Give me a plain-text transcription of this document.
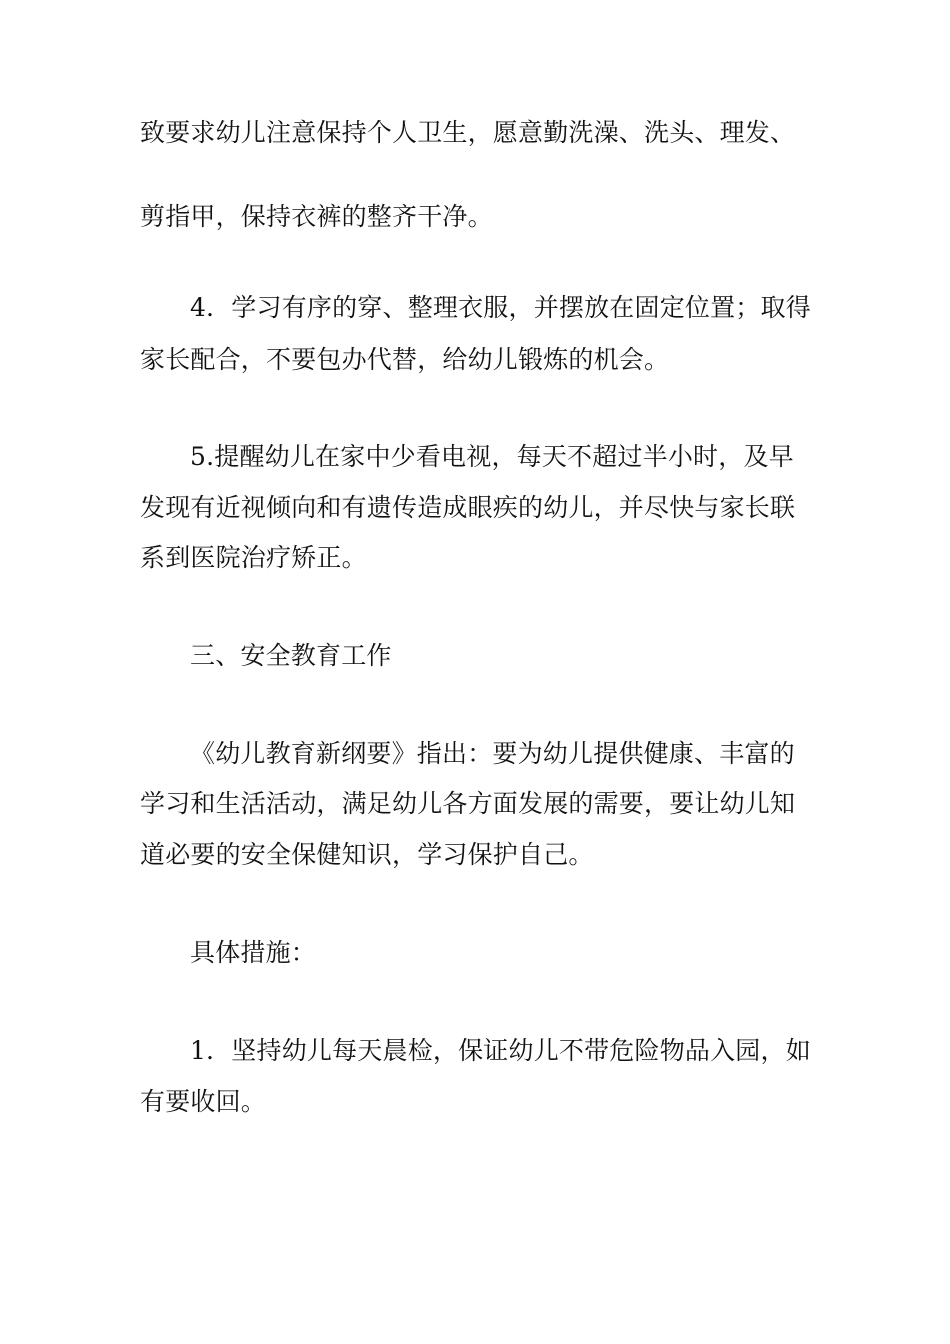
致要求幼儿注意保持个人卫生，愿意勤洗澡、洗头、理发、
剪指甲，保持衣裤的整齐干净。
4．学习有序的穿、整理衣服，并摆放在固定位置；取得
家长配合，不要包办代替，给幼儿锻炼的机会。
5.提醒幼儿在家中少看电视，每天不超过半小时，及早
发现有近视倾向和有遗传造成眼疾的幼儿，并尽快与家长联
系到医院治疗矫正。
三、安全教育工作
《幼儿教育新纲要》指出：要为幼儿提供健康、丰富的
学习和生活活动，满足幼儿各方面发展的需要，要让幼儿知
道必要的安全保健知识，学习保护自己。
具体措施：
1．坚持幼儿每天晨检，保证幼儿不带危险物品入园，如
有要收回。
